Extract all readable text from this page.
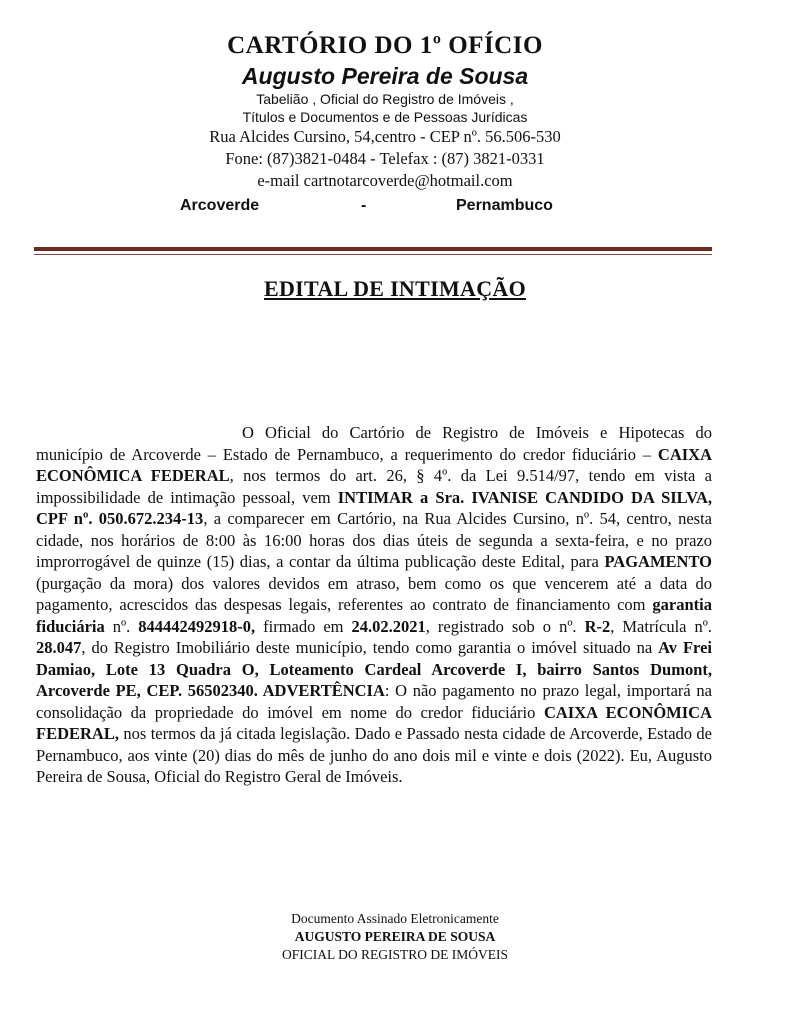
CARTÓRIO DO 1º OFÍCIO
Augusto Pereira de Sousa
Tabelião , Oficial do Registro de Imóveis ,
Títulos e Documentos e de Pessoas Jurídicas
Rua Alcides Cursino, 54,centro - CEP nº. 56.506-530
Fone: (87)3821-0484 - Telefax : (87) 3821-0331
e-mail cartnotarcoverde@hotmail.com
Arcoverde	-	Pernambuco
EDITAL DE INTIMAÇÃO

O Oficial do Cartório de Registro de Imóveis e Hipotecas do município de Arcoverde – Estado de Pernambuco, a requerimento do credor fiduciário – CAIXA ECONÔMICA FEDERAL, nos termos do art. 26, § 4º. da Lei 9.514/97, tendo em vista a impossibilidade de intimação pessoal, vem INTIMAR a Sra. IVANISE CANDIDO DA SILVA, CPF nº. 050.672.234-13, a comparecer em Cartório, na Rua Alcides Cursino, nº. 54, centro, nesta cidade, nos horários de 8:00 às 16:00 horas dos dias úteis de segunda a sexta-feira, e no prazo improrrogável de quinze (15) dias, a contar da última publicação deste Edital, para PAGAMENTO (purgação da mora) dos valores devidos em atraso, bem como os que vencerem até a data do pagamento, acrescidos das despesas legais, referentes ao contrato de financiamento com garantia fiduciária nº. 844442492918-0, firmado em 24.02.2021, registrado sob o nº. R-2, Matrícula nº. 28.047, do Registro Imobiliário deste município, tendo como garantia o imóvel situado na Av Frei Damiao, Lote 13 Quadra O, Loteamento Cardeal Arcoverde I, bairro Santos Dumont, Arcoverde PE, CEP. 56502340. ADVERTÊNCIA: O não pagamento no prazo legal, importará na consolidação da propriedade do imóvel em nome do credor fiduciário CAIXA ECONÔMICA FEDERAL, nos termos da já citada legislação. Dado e Passado nesta cidade de Arcoverde, Estado de Pernambuco, aos vinte (20) dias do mês de junho do ano dois mil e vinte e dois (2022). Eu, Augusto Pereira de Sousa, Oficial do Registro Geral de Imóveis.

Documento Assinado Eletronicamente
AUGUSTO PEREIRA DE SOUSA
OFICIAL DO REGISTRO DE IMÓVEIS
